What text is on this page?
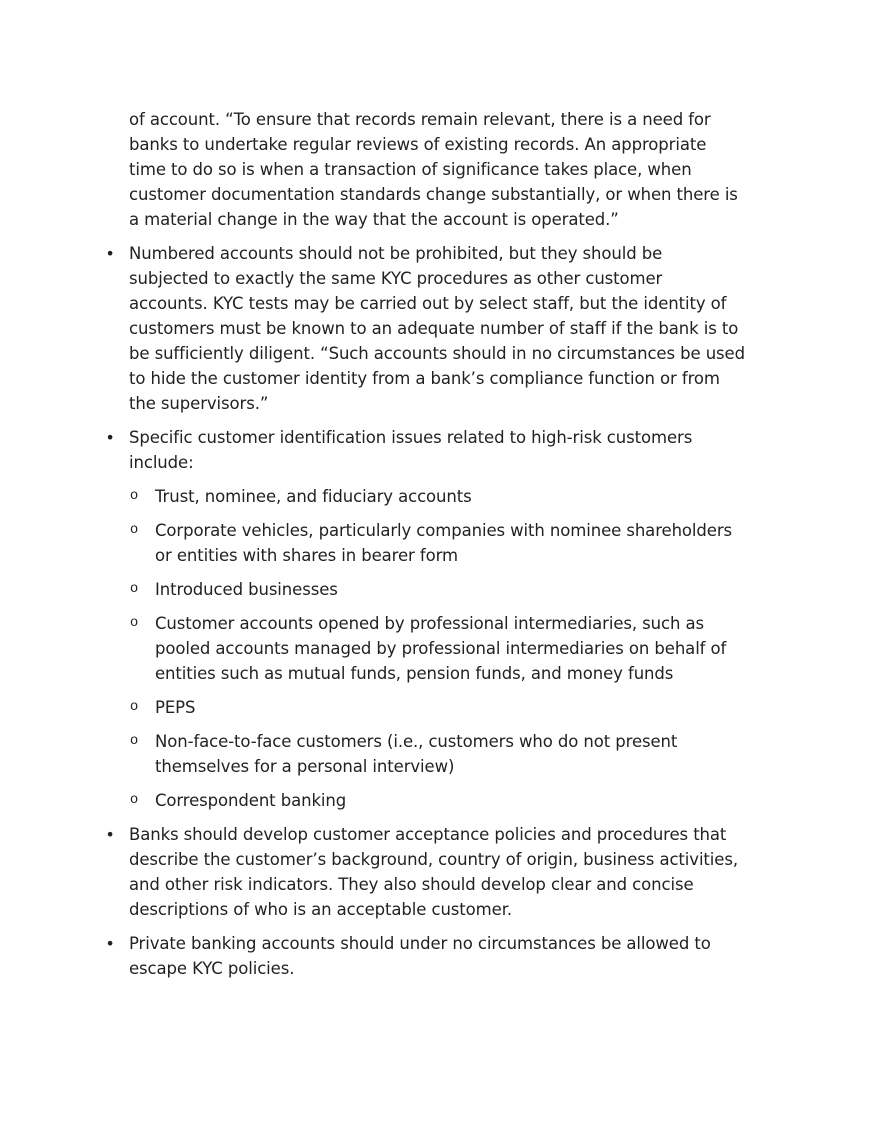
of account. “To ensure that records remain relevant, there is a need for banks to undertake regular reviews of existing records. An appropriate time to do so is when a transaction of significance takes place, when customer documentation standards change substantially, or when there is a material change in the way that the account is operated.”

• Numbered accounts should not be prohibited, but they should be subjected to exactly the same KYC procedures as other customer accounts. KYC tests may be carried out by select staff, but the identity of customers must be known to an adequate number of staff if the bank is to be sufficiently diligent. “Such accounts should in no circumstances be used to hide the customer identity from a bank’s compliance function or from the supervisors.”
• Specific customer identification issues related to high-risk customers include:
o Trust, nominee, and fiduciary accounts
o Corporate vehicles, particularly companies with nominee shareholders or entities with shares in bearer form
o Introduced businesses
o Customer accounts opened by professional intermediaries, such as pooled accounts managed by professional intermediaries on behalf of entities such as mutual funds, pension funds, and money funds
o PEPS
o Non-face-to-face customers (i.e., customers who do not present themselves for a personal interview)
o Correspondent banking
• Banks should develop customer acceptance policies and procedures that describe the customer’s background, country of origin, business activities, and other risk indicators. They also should develop clear and concise descriptions of who is an acceptable customer.
• Private banking accounts should under no circumstances be allowed to escape KYC policies.
